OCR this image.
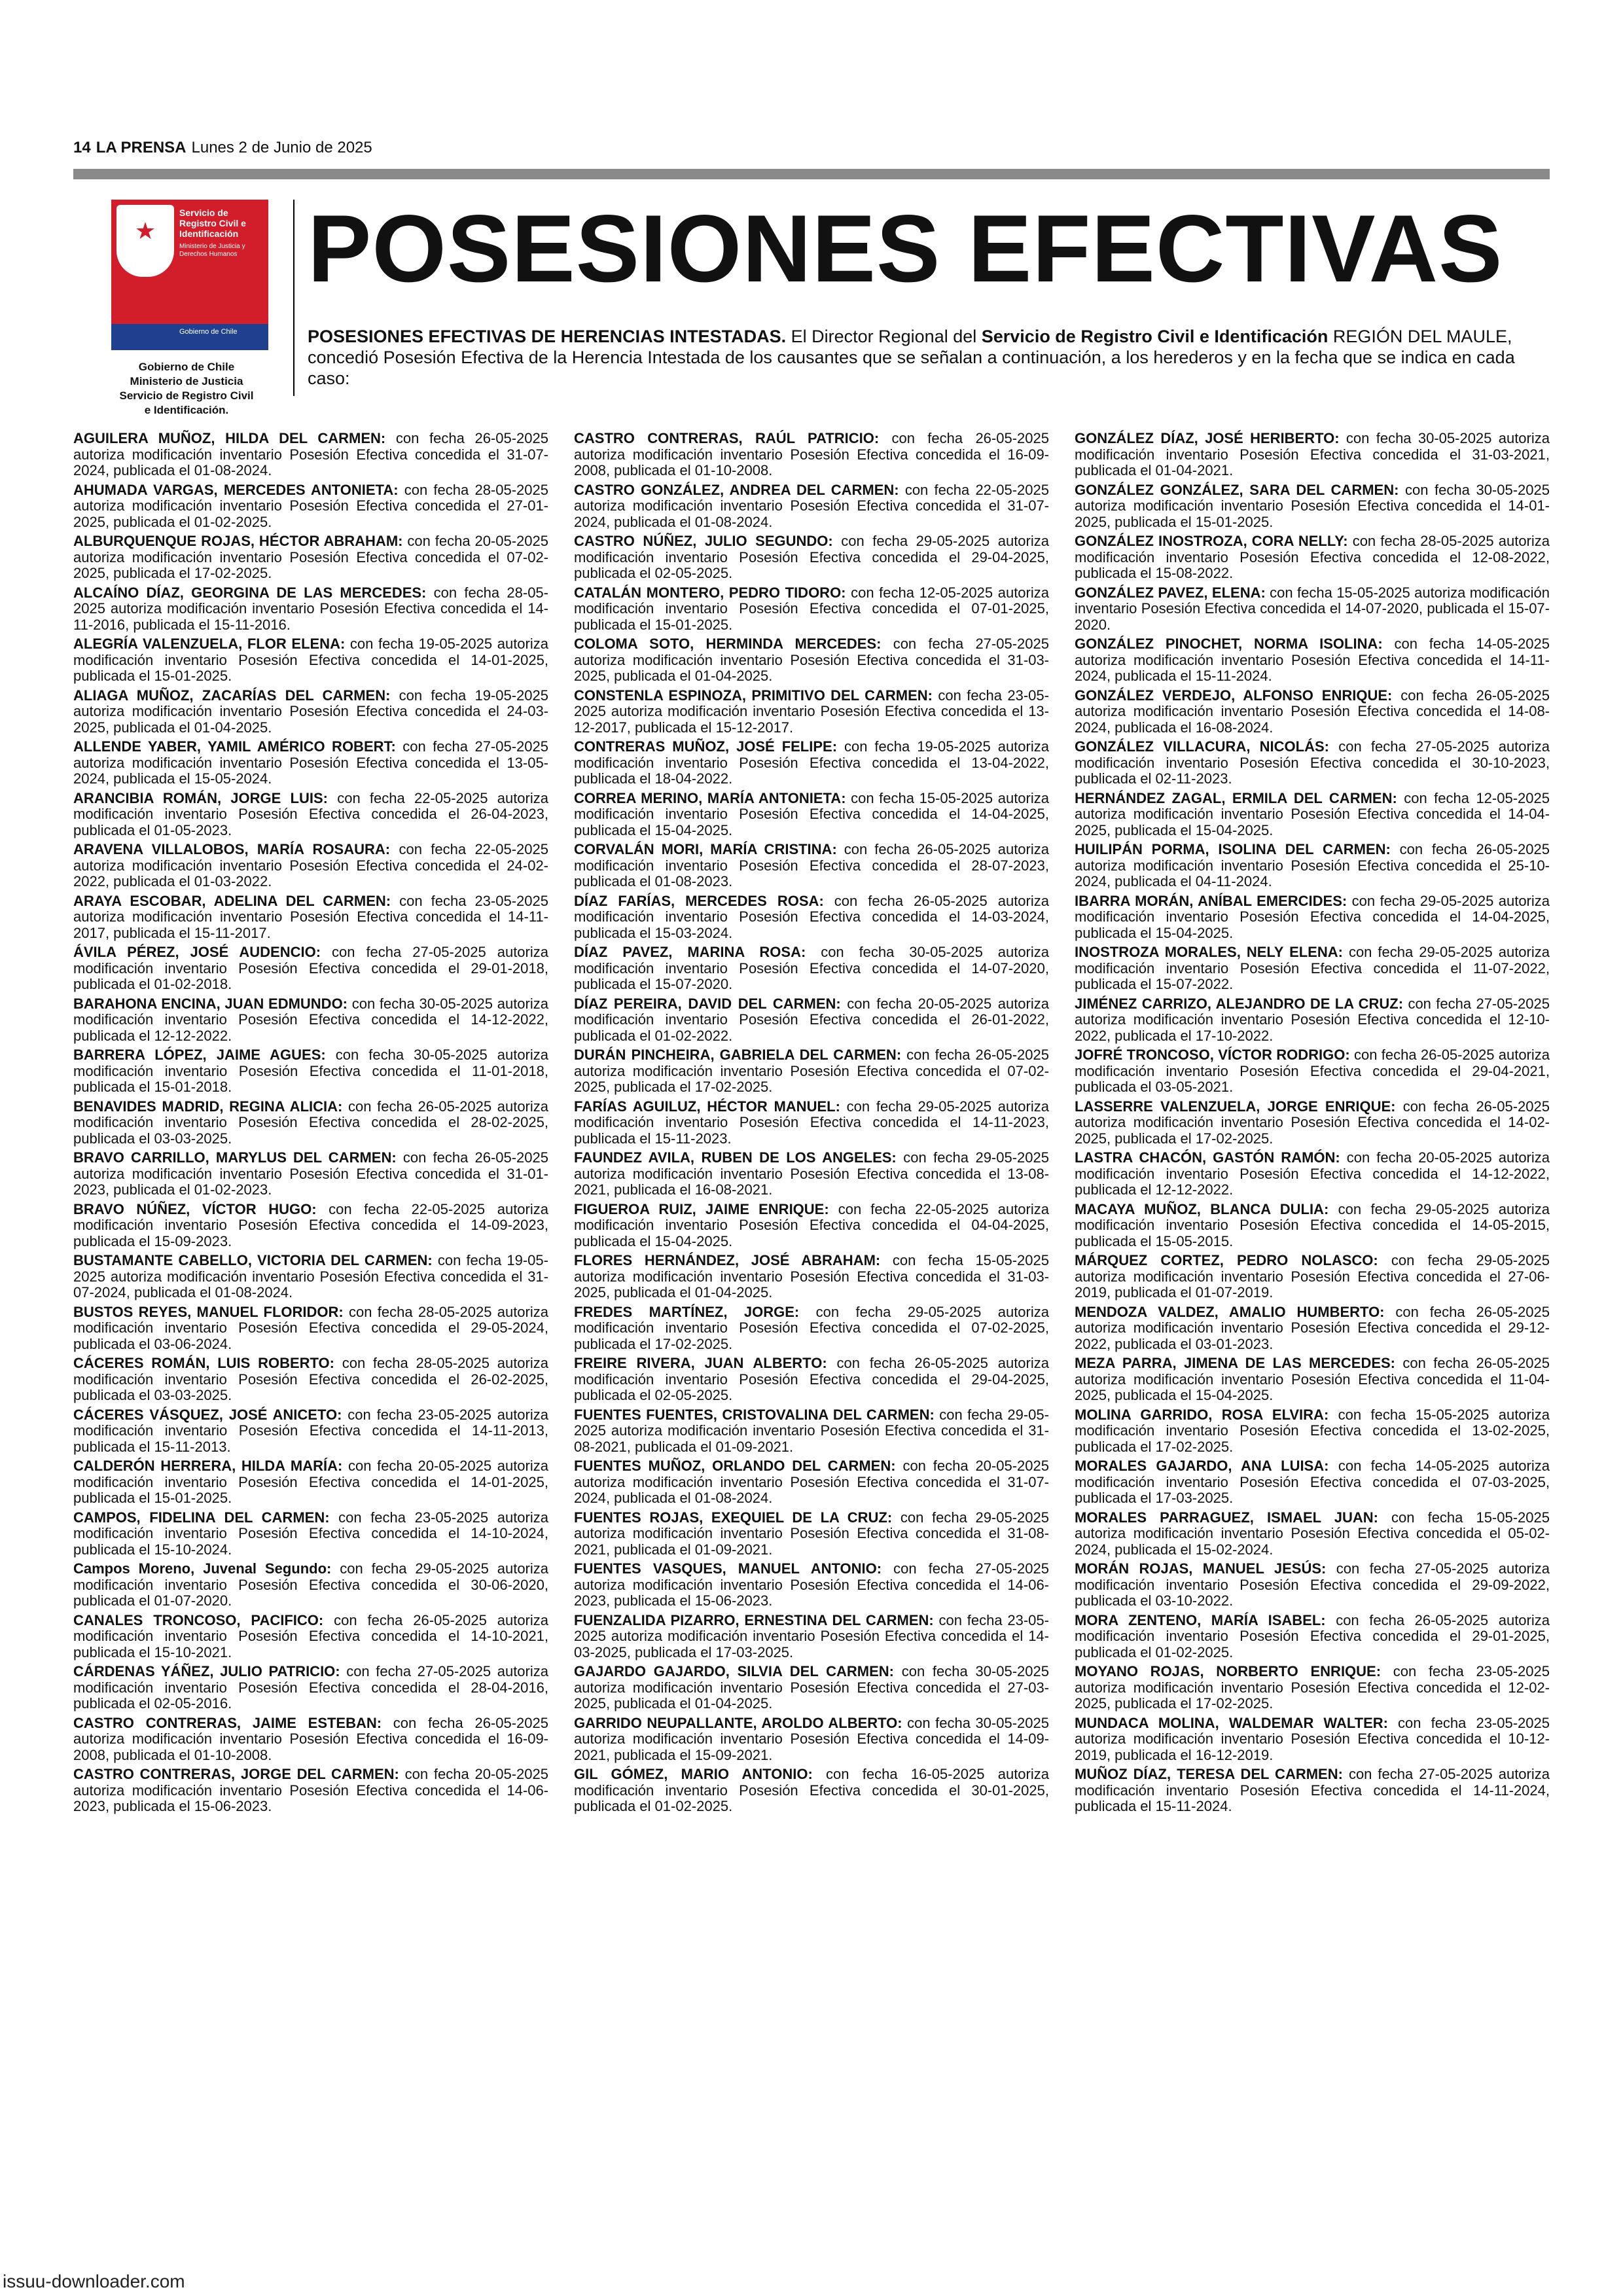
14 LA PRENSA Lunes 2 de Junio de 2025
★
Servicio de Registro Civil e Identificación
Ministerio de Justicia y Derechos Humanos
Gobierno de Chile
Gobierno de Chile
Ministerio de Justicia
Servicio de Registro Civil
e Identificación.
POSESIONES EFECTIVAS
POSESIONES EFECTIVAS DE HERENCIAS INTESTADAS. El Director Regional del Servicio de Registro Civil e Identificación REGIÓN DEL MAULE, concedió Posesión Efectiva de la Herencia Intestada de los causantes que se señalan a continuación, a los herederos y en la fecha que se indica en cada caso:
AGUILERA MUÑOZ, HILDA DEL CARMEN: con fecha 26-05-2025 autoriza modificación inventario Posesión Efectiva concedida el 31-07-2024, publicada el 01-08-2024.
AHUMADA VARGAS, MERCEDES ANTONIETA: con fecha 28-05-2025 autoriza modificación inventario Posesión Efectiva concedida el 27-01-2025, publicada el 01-02-2025.
ALBURQUENQUE ROJAS, HÉCTOR ABRAHAM: con fecha 20-05-2025 autoriza modificación inventario Posesión Efectiva concedida el 07-02-2025, publicada el 17-02-2025.
ALCAÍNO DÍAZ, GEORGINA DE LAS MERCEDES: con fecha 28-05-2025 autoriza modificación inventario Posesión Efectiva concedida el 14-11-2016, publicada el 15-11-2016.
ALEGRÍA VALENZUELA, FLOR ELENA: con fecha 19-05-2025 autoriza modificación inventario Posesión Efectiva concedida el 14-01-2025, publicada el 15-01-2025.
ALIAGA MUÑOZ, ZACARÍAS DEL CARMEN: con fecha 19-05-2025 autoriza modificación inventario Posesión Efectiva concedida el 24-03-2025, publicada el 01-04-2025.
ALLENDE YABER, YAMIL AMÉRICO ROBERT: con fecha 27-05-2025 autoriza modificación inventario Posesión Efectiva concedida el 13-05-2024, publicada el 15-05-2024.
ARANCIBIA ROMÁN, JORGE LUIS: con fecha 22-05-2025 autoriza modificación inventario Posesión Efectiva concedida el 26-04-2023, publicada el 01-05-2023.
ARAVENA VILLALOBOS, MARÍA ROSAURA: con fecha 22-05-2025 autoriza modificación inventario Posesión Efectiva concedida el 24-02-2022, publicada el 01-03-2022.
ARAYA ESCOBAR, ADELINA DEL CARMEN: con fecha 23-05-2025 autoriza modificación inventario Posesión Efectiva concedida el 14-11-2017, publicada el 15-11-2017.
ÁVILA PÉREZ, JOSÉ AUDENCIO: con fecha 27-05-2025 autoriza modificación inventario Posesión Efectiva concedida el 29-01-2018, publicada el 01-02-2018.
BARAHONA ENCINA, JUAN EDMUNDO: con fecha 30-05-2025 autoriza modificación inventario Posesión Efectiva concedida el 14-12-2022, publicada el 12-12-2022.
BARRERA LÓPEZ, JAIME AGUES: con fecha 30-05-2025 autoriza modificación inventario Posesión Efectiva concedida el 11-01-2018, publicada el 15-01-2018.
BENAVIDES MADRID, REGINA ALICIA: con fecha 26-05-2025 autoriza modificación inventario Posesión Efectiva concedida el 28-02-2025, publicada el 03-03-2025.
BRAVO CARRILLO, MARYLUS DEL CARMEN: con fecha 26-05-2025 autoriza modificación inventario Posesión Efectiva concedida el 31-01-2023, publicada el 01-02-2023.
BRAVO NÚÑEZ, VÍCTOR HUGO: con fecha 22-05-2025 autoriza modificación inventario Posesión Efectiva concedida el 14-09-2023, publicada el 15-09-2023.
BUSTAMANTE CABELLO, VICTORIA DEL CARMEN: con fecha 19-05-2025 autoriza modificación inventario Posesión Efectiva concedida el 31-07-2024, publicada el 01-08-2024.
BUSTOS REYES, MANUEL FLORIDOR: con fecha 28-05-2025 autoriza modificación inventario Posesión Efectiva concedida el 29-05-2024, publicada el 03-06-2024.
CÁCERES ROMÁN, LUIS ROBERTO: con fecha 28-05-2025 autoriza modificación inventario Posesión Efectiva concedida el 26-02-2025, publicada el 03-03-2025.
CÁCERES VÁSQUEZ, JOSÉ ANICETO: con fecha 23-05-2025 autoriza modificación inventario Posesión Efectiva concedida el 14-11-2013, publicada el 15-11-2013.
CALDERÓN HERRERA, HILDA MARÍA: con fecha 20-05-2025 autoriza modificación inventario Posesión Efectiva concedida el 14-01-2025, publicada el 15-01-2025.
CAMPOS, FIDELINA DEL CARMEN: con fecha 23-05-2025 autoriza modificación inventario Posesión Efectiva concedida el 14-10-2024, publicada el 15-10-2024.
Campos Moreno, Juvenal Segundo: con fecha 29-05-2025 autoriza modificación inventario Posesión Efectiva concedida el 30-06-2020, publicada el 01-07-2020.
CANALES TRONCOSO, PACIFICO: con fecha 26-05-2025 autoriza modificación inventario Posesión Efectiva concedida el 14-10-2021, publicada el 15-10-2021.
CÁRDENAS YÁÑEZ, JULIO PATRICIO: con fecha 27-05-2025 autoriza modificación inventario Posesión Efectiva concedida el 28-04-2016, publicada el 02-05-2016.
CASTRO CONTRERAS, JAIME ESTEBAN: con fecha 26-05-2025 autoriza modificación inventario Posesión Efectiva concedida el 16-09-2008, publicada el 01-10-2008.
CASTRO CONTRERAS, JORGE DEL CARMEN: con fecha 20-05-2025 autoriza modificación inventario Posesión Efectiva concedida el 14-06-2023, publicada el 15-06-2023.
CASTRO CONTRERAS, RAÚL PATRICIO: con fecha 26-05-2025 autoriza modificación inventario Posesión Efectiva concedida el 16-09-2008, publicada el 01-10-2008.
CASTRO GONZÁLEZ, ANDREA DEL CARMEN: con fecha 22-05-2025 autoriza modificación inventario Posesión Efectiva concedida el 31-07-2024, publicada el 01-08-2024.
CASTRO NÚÑEZ, JULIO SEGUNDO: con fecha 29-05-2025 autoriza modificación inventario Posesión Efectiva concedida el 29-04-2025, publicada el 02-05-2025.
CATALÁN MONTERO, PEDRO TIDORO: con fecha 12-05-2025 autoriza modificación inventario Posesión Efectiva concedida el 07-01-2025, publicada el 15-01-2025.
COLOMA SOTO, HERMINDA MERCEDES: con fecha 27-05-2025 autoriza modificación inventario Posesión Efectiva concedida el 31-03-2025, publicada el 01-04-2025.
CONSTENLA ESPINOZA, PRIMITIVO DEL CARMEN: con fecha 23-05-2025 autoriza modificación inventario Posesión Efectiva concedida el 13-12-2017, publicada el 15-12-2017.
CONTRERAS MUÑOZ, JOSÉ FELIPE: con fecha 19-05-2025 autoriza modificación inventario Posesión Efectiva concedida el 13-04-2022, publicada el 18-04-2022.
CORREA MERINO, MARÍA ANTONIETA: con fecha 15-05-2025 autoriza modificación inventario Posesión Efectiva concedida el 14-04-2025, publicada el 15-04-2025.
CORVALÁN MORI, MARÍA CRISTINA: con fecha 26-05-2025 autoriza modificación inventario Posesión Efectiva concedida el 28-07-2023, publicada el 01-08-2023.
DÍAZ FARÍAS, MERCEDES ROSA: con fecha 26-05-2025 autoriza modificación inventario Posesión Efectiva concedida el 14-03-2024, publicada el 15-03-2024.
DÍAZ PAVEZ, MARINA ROSA: con fecha 30-05-2025 autoriza modificación inventario Posesión Efectiva concedida el 14-07-2020, publicada el 15-07-2020.
DÍAZ PEREIRA, DAVID DEL CARMEN: con fecha 20-05-2025 autoriza modificación inventario Posesión Efectiva concedida el 26-01-2022, publicada el 01-02-2022.
DURÁN PINCHEIRA, GABRIELA DEL CARMEN: con fecha 26-05-2025 autoriza modificación inventario Posesión Efectiva concedida el 07-02-2025, publicada el 17-02-2025.
FARÍAS AGUILUZ, HÉCTOR MANUEL: con fecha 29-05-2025 autoriza modificación inventario Posesión Efectiva concedida el 14-11-2023, publicada el 15-11-2023.
FAUNDEZ AVILA, RUBEN DE LOS ANGELES: con fecha 29-05-2025 autoriza modificación inventario Posesión Efectiva concedida el 13-08-2021, publicada el 16-08-2021.
FIGUEROA RUIZ, JAIME ENRIQUE: con fecha 22-05-2025 autoriza modificación inventario Posesión Efectiva concedida el 04-04-2025, publicada el 15-04-2025.
FLORES HERNÁNDEZ, JOSÉ ABRAHAM: con fecha 15-05-2025 autoriza modificación inventario Posesión Efectiva concedida el 31-03-2025, publicada el 01-04-2025.
FREDES MARTÍNEZ, JORGE: con fecha 29-05-2025 autoriza modificación inventario Posesión Efectiva concedida el 07-02-2025, publicada el 17-02-2025.
FREIRE RIVERA, JUAN ALBERTO: con fecha 26-05-2025 autoriza modificación inventario Posesión Efectiva concedida el 29-04-2025, publicada el 02-05-2025.
FUENTES FUENTES, CRISTOVALINA DEL CARMEN: con fecha 29-05-2025 autoriza modificación inventario Posesión Efectiva concedida el 31-08-2021, publicada el 01-09-2021.
FUENTES MUÑOZ, ORLANDO DEL CARMEN: con fecha 20-05-2025 autoriza modificación inventario Posesión Efectiva concedida el 31-07-2024, publicada el 01-08-2024.
FUENTES ROJAS, EXEQUIEL DE LA CRUZ: con fecha 29-05-2025 autoriza modificación inventario Posesión Efectiva concedida el 31-08-2021, publicada el 01-09-2021.
FUENTES VASQUES, MANUEL ANTONIO: con fecha 27-05-2025 autoriza modificación inventario Posesión Efectiva concedida el 14-06-2023, publicada el 15-06-2023.
FUENZALIDA PIZARRO, ERNESTINA DEL CARMEN: con fecha 23-05-2025 autoriza modificación inventario Posesión Efectiva concedida el 14-03-2025, publicada el 17-03-2025.
GAJARDO GAJARDO, SILVIA DEL CARMEN: con fecha 30-05-2025 autoriza modificación inventario Posesión Efectiva concedida el 27-03-2025, publicada el 01-04-2025.
GARRIDO NEUPALLANTE, AROLDO ALBERTO: con fecha 30-05-2025 autoriza modificación inventario Posesión Efectiva concedida el 14-09-2021, publicada el 15-09-2021.
GIL GÓMEZ, MARIO ANTONIO: con fecha 16-05-2025 autoriza modificación inventario Posesión Efectiva concedida el 30-01-2025, publicada el 01-02-2025.
GONZÁLEZ DÍAZ, JOSÉ HERIBERTO: con fecha 30-05-2025 autoriza modificación inventario Posesión Efectiva concedida el 31-03-2021, publicada el 01-04-2021.
GONZÁLEZ GONZÁLEZ, SARA DEL CARMEN: con fecha 30-05-2025 autoriza modificación inventario Posesión Efectiva concedida el 14-01-2025, publicada el 15-01-2025.
GONZÁLEZ INOSTROZA, CORA NELLY: con fecha 28-05-2025 autoriza modificación inventario Posesión Efectiva concedida el 12-08-2022, publicada el 15-08-2022.
GONZÁLEZ PAVEZ, ELENA: con fecha 15-05-2025 autoriza modificación inventario Posesión Efectiva concedida el 14-07-2020, publicada el 15-07-2020.
GONZÁLEZ PINOCHET, NORMA ISOLINA: con fecha 14-05-2025 autoriza modificación inventario Posesión Efectiva concedida el 14-11-2024, publicada el 15-11-2024.
GONZÁLEZ VERDEJO, ALFONSO ENRIQUE: con fecha 26-05-2025 autoriza modificación inventario Posesión Efectiva concedida el 14-08-2024, publicada el 16-08-2024.
GONZÁLEZ VILLACURA, NICOLÁS: con fecha 27-05-2025 autoriza modificación inventario Posesión Efectiva concedida el 30-10-2023, publicada el 02-11-2023.
HERNÁNDEZ ZAGAL, ERMILA DEL CARMEN: con fecha 12-05-2025 autoriza modificación inventario Posesión Efectiva concedida el 14-04-2025, publicada el 15-04-2025.
HUILIPÁN PORMA, ISOLINA DEL CARMEN: con fecha 26-05-2025 autoriza modificación inventario Posesión Efectiva concedida el 25-10-2024, publicada el 04-11-2024.
IBARRA MORÁN, ANÍBAL EMERCIDES: con fecha 29-05-2025 autoriza modificación inventario Posesión Efectiva concedida el 14-04-2025, publicada el 15-04-2025.
INOSTROZA MORALES, NELY ELENA: con fecha 29-05-2025 autoriza modificación inventario Posesión Efectiva concedida el 11-07-2022, publicada el 15-07-2022.
JIMÉNEZ CARRIZO, ALEJANDRO DE LA CRUZ: con fecha 27-05-2025 autoriza modificación inventario Posesión Efectiva concedida el 12-10-2022, publicada el 17-10-2022.
JOFRÉ TRONCOSO, VÍCTOR RODRIGO: con fecha 26-05-2025 autoriza modificación inventario Posesión Efectiva concedida el 29-04-2021, publicada el 03-05-2021.
LASSERRE VALENZUELA, JORGE ENRIQUE: con fecha 26-05-2025 autoriza modificación inventario Posesión Efectiva concedida el 14-02-2025, publicada el 17-02-2025.
LASTRA CHACÓN, GASTÓN RAMÓN: con fecha 20-05-2025 autoriza modificación inventario Posesión Efectiva concedida el 14-12-2022, publicada el 12-12-2022.
MACAYA MUÑOZ, BLANCA DULIA: con fecha 29-05-2025 autoriza modificación inventario Posesión Efectiva concedida el 14-05-2015, publicada el 15-05-2015.
MÁRQUEZ CORTEZ, PEDRO NOLASCO: con fecha 29-05-2025 autoriza modificación inventario Posesión Efectiva concedida el 27-06-2019, publicada el 01-07-2019.
MENDOZA VALDEZ, AMALIO HUMBERTO: con fecha 26-05-2025 autoriza modificación inventario Posesión Efectiva concedida el 29-12-2022, publicada el 03-01-2023.
MEZA PARRA, JIMENA DE LAS MERCEDES: con fecha 26-05-2025 autoriza modificación inventario Posesión Efectiva concedida el 11-04-2025, publicada el 15-04-2025.
MOLINA GARRIDO, ROSA ELVIRA: con fecha 15-05-2025 autoriza modificación inventario Posesión Efectiva concedida el 13-02-2025, publicada el 17-02-2025.
MORALES GAJARDO, ANA LUISA: con fecha 14-05-2025 autoriza modificación inventario Posesión Efectiva concedida el 07-03-2025, publicada el 17-03-2025.
MORALES PARRAGUEZ, ISMAEL JUAN: con fecha 15-05-2025 autoriza modificación inventario Posesión Efectiva concedida el 05-02-2024, publicada el 15-02-2024.
MORÁN ROJAS, MANUEL JESÚS: con fecha 27-05-2025 autoriza modificación inventario Posesión Efectiva concedida el 29-09-2022, publicada el 03-10-2022.
MORA ZENTENO, MARÍA ISABEL: con fecha 26-05-2025 autoriza modificación inventario Posesión Efectiva concedida el 29-01-2025, publicada el 01-02-2025.
MOYANO ROJAS, NORBERTO ENRIQUE: con fecha 23-05-2025 autoriza modificación inventario Posesión Efectiva concedida el 12-02-2025, publicada el 17-02-2025.
MUNDACA MOLINA, WALDEMAR WALTER: con fecha 23-05-2025 autoriza modificación inventario Posesión Efectiva concedida el 10-12-2019, publicada el 16-12-2019.
MUÑOZ DÍAZ, TERESA DEL CARMEN: con fecha 27-05-2025 autoriza modificación inventario Posesión Efectiva concedida el 14-11-2024, publicada el 15-11-2024.
issuu-downloader.com
